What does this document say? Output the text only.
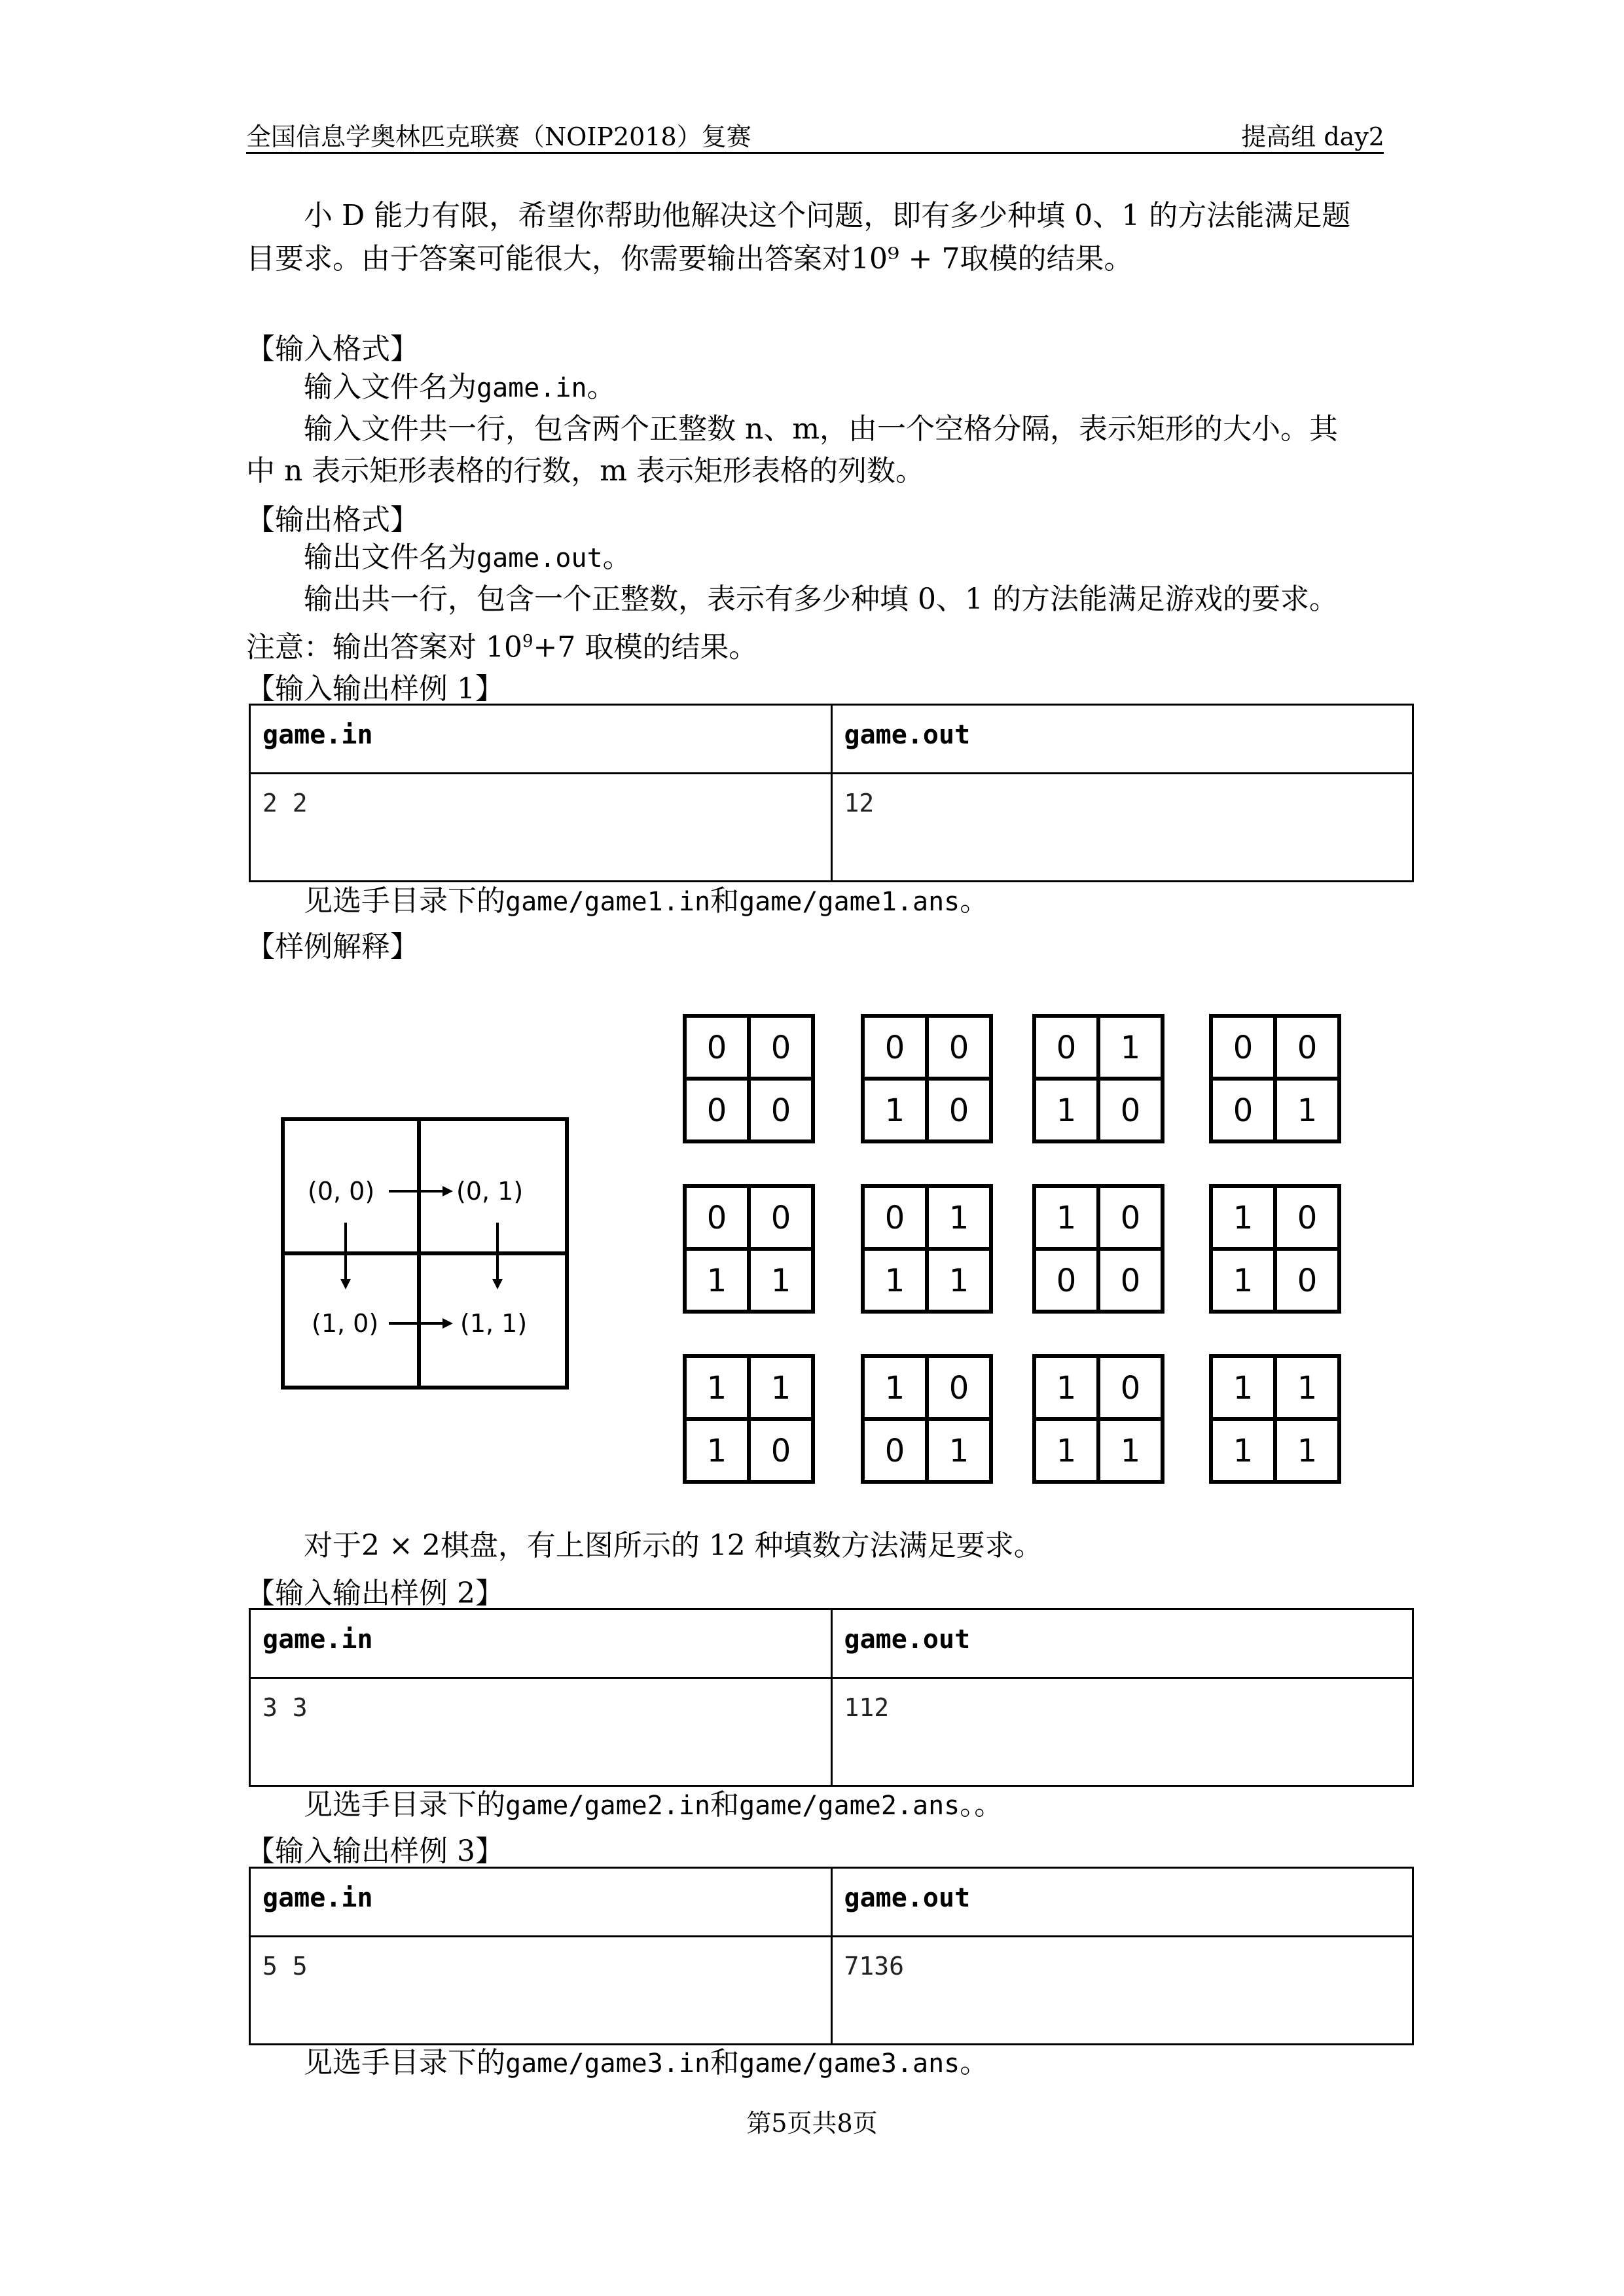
全国信息学奥林匹克联赛（NOIP2018）复赛	提高组 day2
小 D 能力有限，希望你帮助他解决这个问题，即有多少种填 0、1 的方法能满足题
目要求。由于答案可能很大，你需要输出答案对10⁹ + 7取模的结果。
【输入格式】
输入文件名为game.in。
输入文件共一行，包含两个正整数 n、m，由一个空格分隔，表示矩形的大小。其
中 n 表示矩形表格的行数，m 表示矩形表格的列数。
【输出格式】
输出文件名为game.out。
输出共一行，包含一个正整数，表示有多少种填 0、1 的方法能满足游戏的要求。
注意：输出答案对 $10^9+7$ 取模的结果。
【输入输出样例 1】
game.in	game.out
2 2	12
见选手目录下的game/game1.in和game/game1.ans。
【样例解释】
(0, 0)	(0, 1)
(1, 0)	(1, 1)
0 0
0 0
0 0
1 0
0 1
1 0
0 0
0 1
0 0
1 1
0 1
1 1
1 0
0 0
1 0
1 0
1 1
1 0
1 0
0 1
1 0
1 1
1 1
1 1
对于2 × 2棋盘，有上图所示的 12 种填数方法满足要求。
【输入输出样例 2】
game.in	game.out
3 3	112
见选手目录下的game/game2.in和game/game2.ans。。
【输入输出样例 3】
game.in	game.out
5 5	7136
见选手目录下的game/game3.in和game/game3.ans。
第5页共8页
